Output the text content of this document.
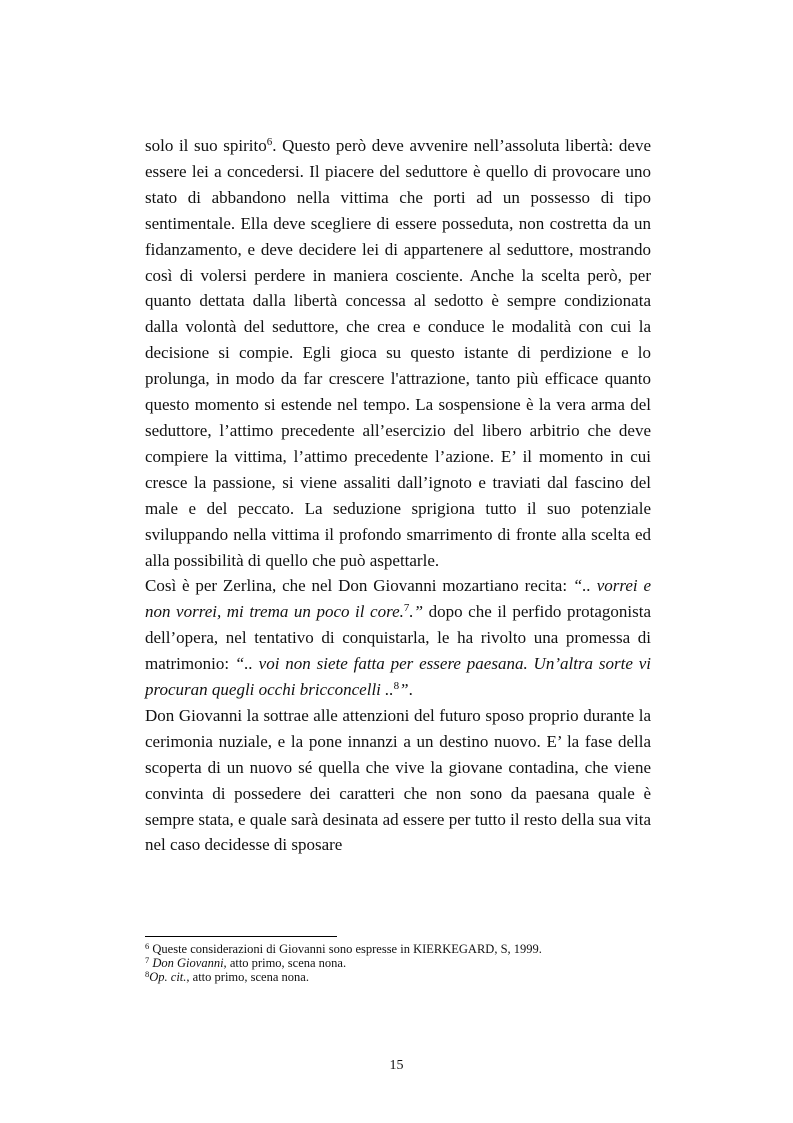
solo il suo spirito$^6$. Questo però deve avvenire nell’assoluta libertà: deve essere lei a concedersi. Il piacere del seduttore è quello di provocare uno stato di abbandono nella vittima che porti ad un possesso di tipo sentimentale. Ella deve scegliere di essere posseduta, non costretta da un fidanzamento, e deve decidere lei di appartenere al seduttore, mostrando così di volersi perdere in maniera cosciente. Anche la scelta però, per quanto dettata dalla libertà concessa al sedotto è sempre condizionata dalla volontà del seduttore, che crea e conduce le modalità con cui la decisione si compie. Egli gioca su questo istante di perdizione e lo prolunga, in modo da far crescere l'attrazione, tanto più efficace quanto questo momento si estende nel tempo. La sospensione è la vera arma del seduttore, l’attimo precedente all’esercizio del libero arbitrio che deve compiere la vittima, l’attimo precedente l’azione. E’ il momento in cui cresce la passione, si viene assaliti dall’ignoto e traviati dal fascino del male e del peccato. La seduzione sprigiona tutto il suo potenziale sviluppando nella vittima il profondo smarrimento di fronte alla scelta ed alla possibilità di quello che può aspettarle.

Così è per Zerlina, che nel Don Giovanni mozartiano recita: “.. vorrei e non vorrei, mi trema un poco il core.$^7$.” dopo che il perfido protagonista dell’opera, nel tentativo di conquistarla, le ha rivolto una promessa di matrimonio: “.. voi non siete fatta per essere paesana. Un’altra sorte vi procuran quegli occhi bricconcelli ..$^8$”.

Don Giovanni la sottrae alle attenzioni del futuro sposo proprio durante la cerimonia nuziale, e la pone innanzi a un destino nuovo. E’ la fase della scoperta di un nuovo sé quella che vive la giovane contadina, che viene convinta di possedere dei caratteri che non sono da paesana quale è sempre stata, e quale sarà desinata ad essere per tutto il resto della sua vita nel caso decidesse di sposare

$^6$ Queste considerazioni di Giovanni sono espresse in KIERKEGARD, S, 1999.
$^7$ Don Giovanni, atto primo, scena nona.
$^8$Op. cit., atto primo, scena nona.
15
